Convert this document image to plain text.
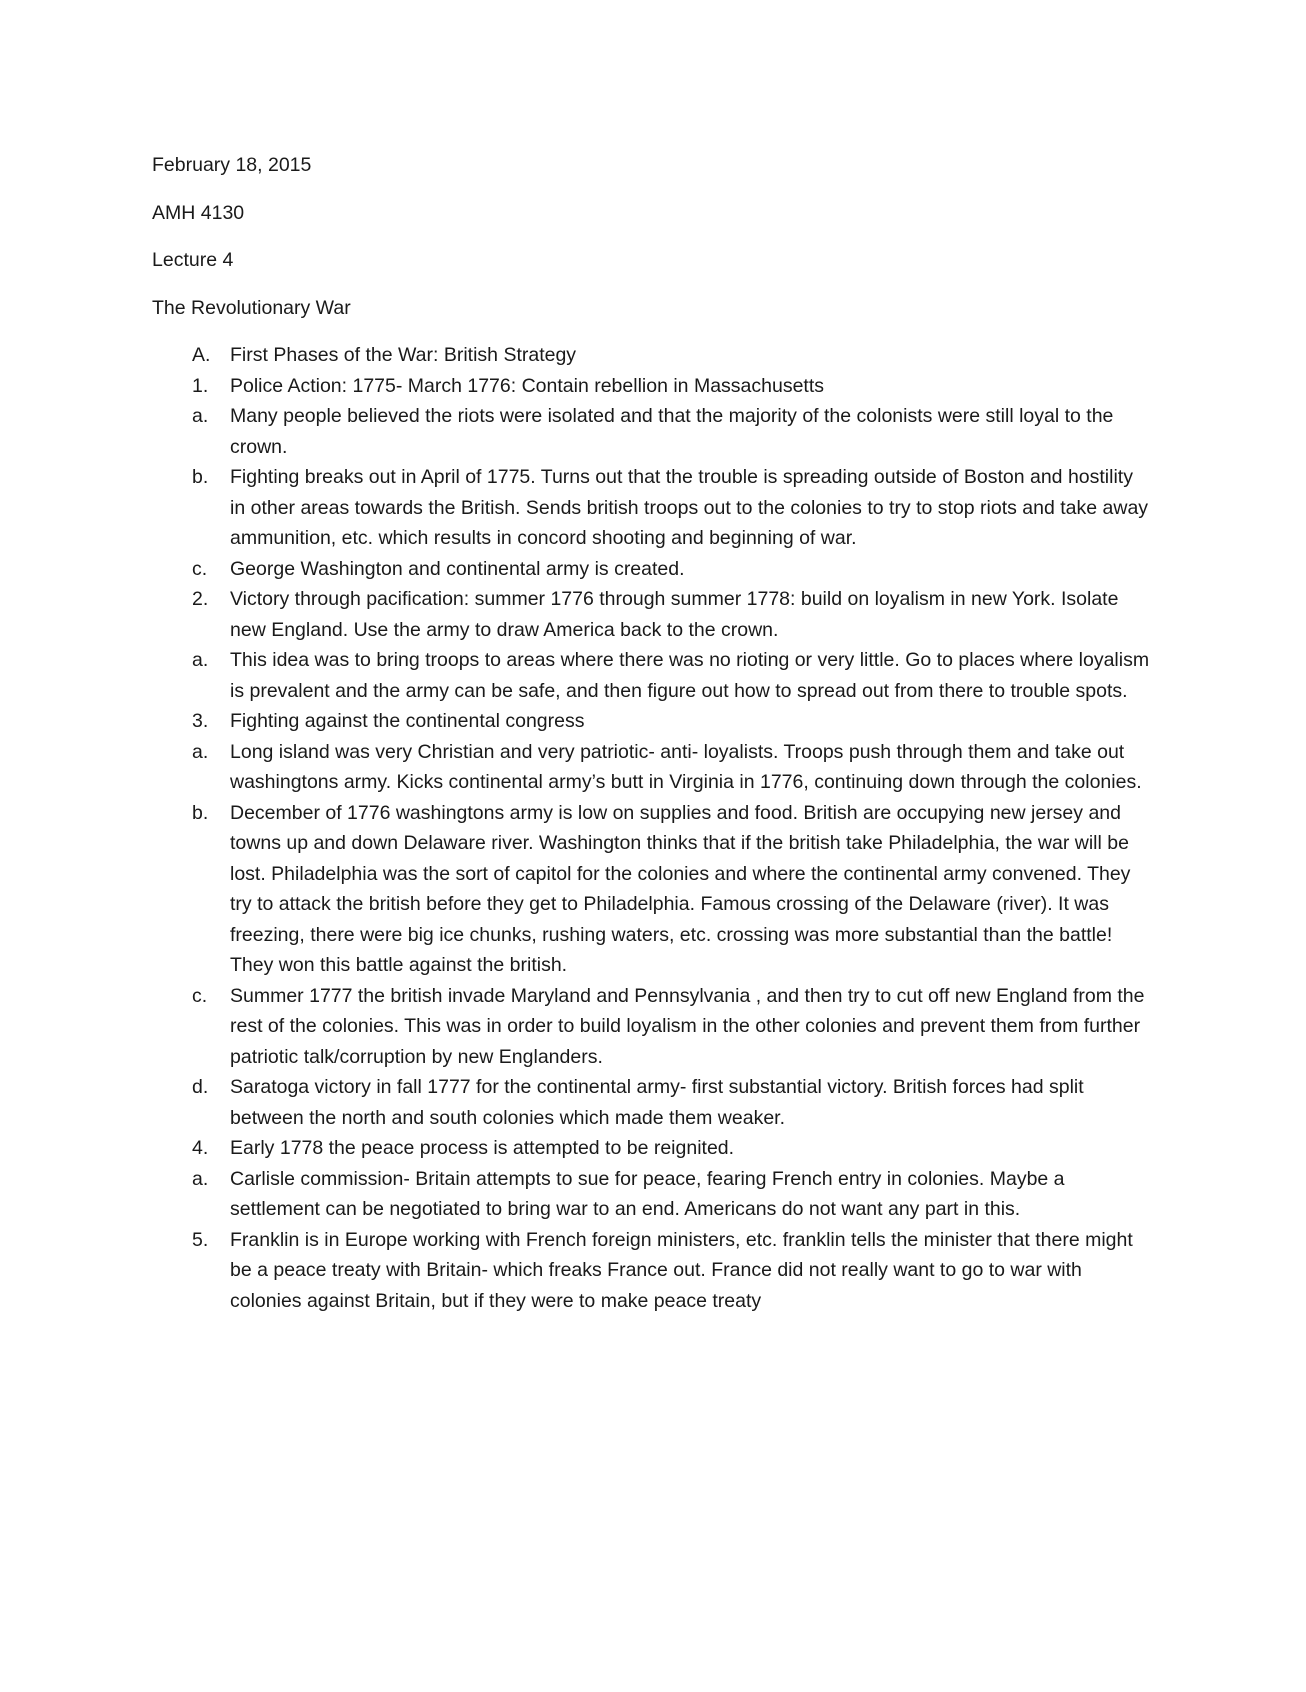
February 18, 2015
AMH 4130
Lecture 4
The Revolutionary War
A.	First Phases of the War: British Strategy
1.	Police Action: 1775- March 1776: Contain rebellion in Massachusetts
a.	Many people believed the riots were isolated and that the majority of the colonists were still loyal to the crown.
b.	Fighting breaks out in April of 1775. Turns out that the trouble is spreading outside of Boston and hostility in other areas towards the British. Sends british troops out to the colonies to try to stop riots and take away ammunition, etc. which results in concord shooting and beginning of war.
c.	George Washington and continental army is created.
2.	Victory through pacification: summer 1776 through summer 1778: build on loyalism in new York. Isolate new England. Use the army to draw America back to the crown.
a.	This idea was to bring troops to areas where there was no rioting or very little. Go to places where loyalism is prevalent and the army can be safe, and then figure out how to spread out from there to trouble spots.
3.	Fighting against the continental congress
a.	Long island was very Christian and very patriotic- anti- loyalists. Troops push through them and take out washingtons army. Kicks continental army’s butt in Virginia in 1776, continuing down through the colonies.
b.	December of 1776 washingtons army is low on supplies and food. British are occupying new jersey and towns up and down Delaware river. Washington thinks that if the british take Philadelphia, the war will be lost. Philadelphia was the sort of capitol for the colonies and where the continental army convened. They try to attack the british before they get to Philadelphia. Famous crossing of the Delaware (river). It was freezing, there were big ice chunks, rushing waters, etc. crossing was more substantial than the battle! They won this battle against the british.
c.	Summer 1777 the british invade Maryland and Pennsylvania , and then try to cut off new England from the rest of the colonies. This was in order to build loyalism in the other colonies and prevent them from further patriotic talk/corruption by new Englanders.
d.	Saratoga victory in fall 1777 for the continental army- first substantial victory. British forces had split between the north and south colonies which made them weaker.
4.	Early 1778 the peace process is attempted to be reignited.
a.	Carlisle commission- Britain attempts to sue for peace, fearing French entry in colonies. Maybe a settlement can be negotiated to bring war to an end. Americans do not want any part in this.
5.	Franklin is in Europe working with French foreign ministers, etc. franklin tells the minister that there might be a peace treaty with Britain- which freaks France out. France did not really want to go to war with colonies against Britain, but if they were to make peace treaty
